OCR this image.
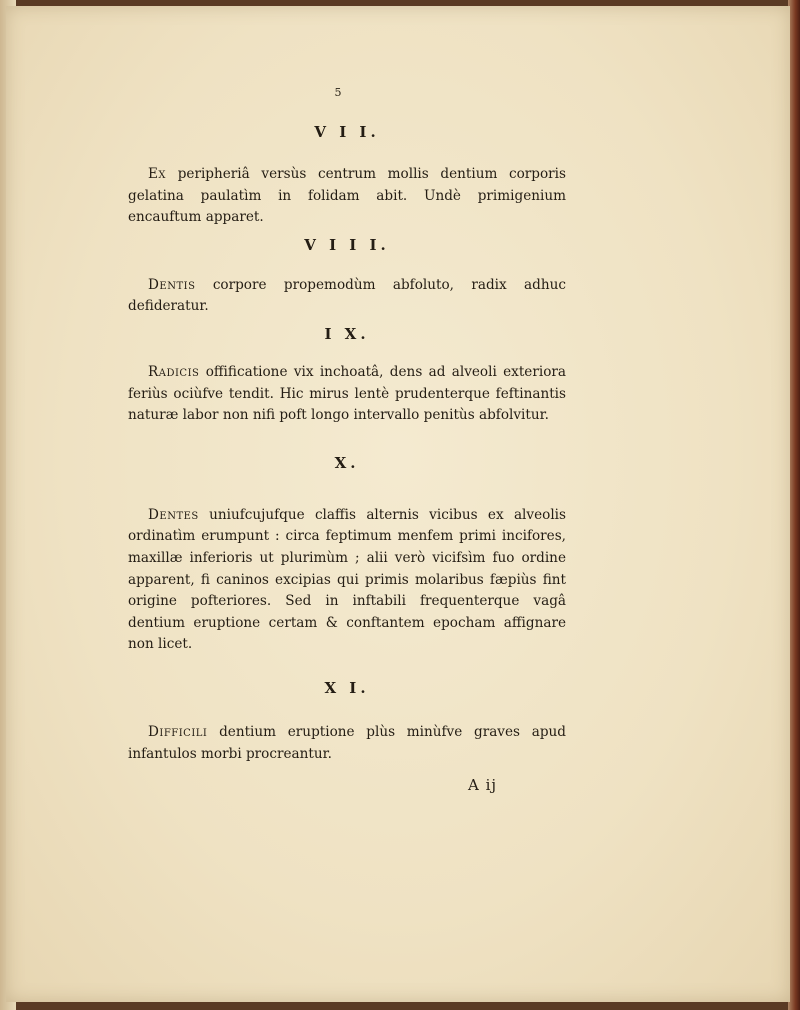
5
V I I.

Ex peripheriâ versùs centrum mollis dentium corporis gelatina paulatìm in folidam abit. Undè primigenium encauftum apparet.

V I I I.

Dentis corpore propemodùm abfoluto, radix adhuc defideratur.

I X.

Radicis offificatione vix inchoatâ, dens ad alveoli exteriora feriùs ociùfve tendit. Hic mirus lentè prudenterque feftinantis naturæ labor non nifi poft longo intervallo penitùs abfolvitur.

X.

Dentes uniufcujufque claffis alternis vicibus ex alveolis ordinatìm erumpunt : circa feptimum menfem primi incifores, maxillæ inferioris ut plurimùm ; alii verò vicifsìm fuo ordine apparent, fi caninos excipias qui primis molaribus fæpiùs fint origine pofteriores. Sed in inftabili frequenterque vagâ dentium eruptione certam & conftantem epocham affignare non licet.

X I.

Difficili dentium eruptione plùs minùfve graves apud infantulos morbi procreantur.

A ij
